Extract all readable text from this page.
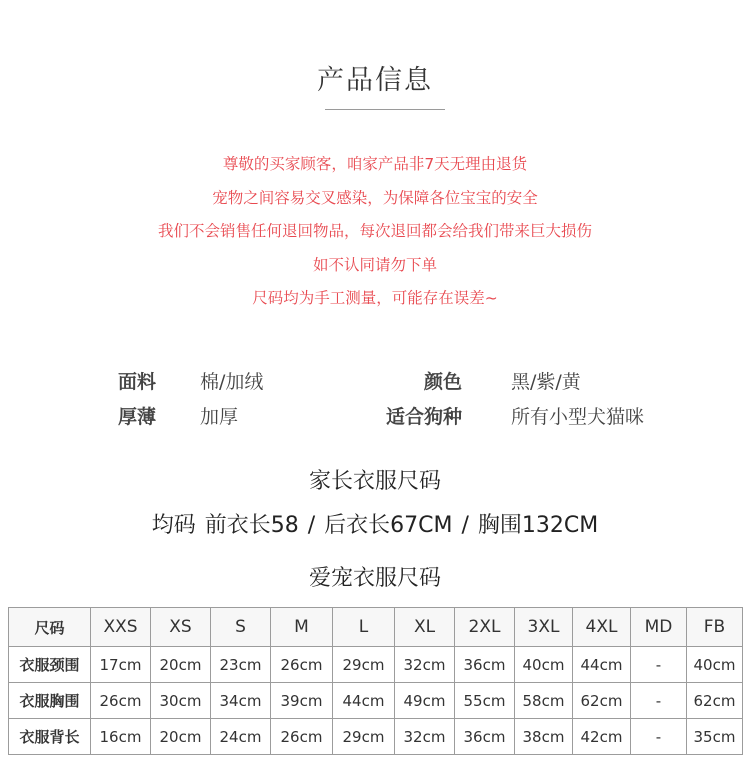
产品信息
尊敬的买家顾客，咱家产品非7天无理由退货
宠物之间容易交叉感染，为保障各位宝宝的安全
我们不会销售任何退回物品，每次退回都会给我们带来巨大损伤
如不认同请勿下单
尺码均为手工测量，可能存在误差~
面料 棉/加绒	颜色	黑/紫/黄
厚薄 加厚	适合狗种	所有小型犬猫咪
家长衣服尺码
均码 前衣长58 / 后衣长67CM / 胸围132CM
爱宠衣服尺码
尺码	XXS	XS	S	M	L	XL	2XL	3XL	4XL	MD	FB
衣服颈围	17cm	20cm	23cm	26cm	29cm	32cm	36cm	40cm	44cm	-	40cm
衣服胸围	26cm	30cm	34cm	39cm	44cm	49cm	55cm	58cm	62cm	-	62cm
衣服背长	16cm	20cm	24cm	26cm	29cm	32cm	36cm	38cm	42cm	-	35cm
